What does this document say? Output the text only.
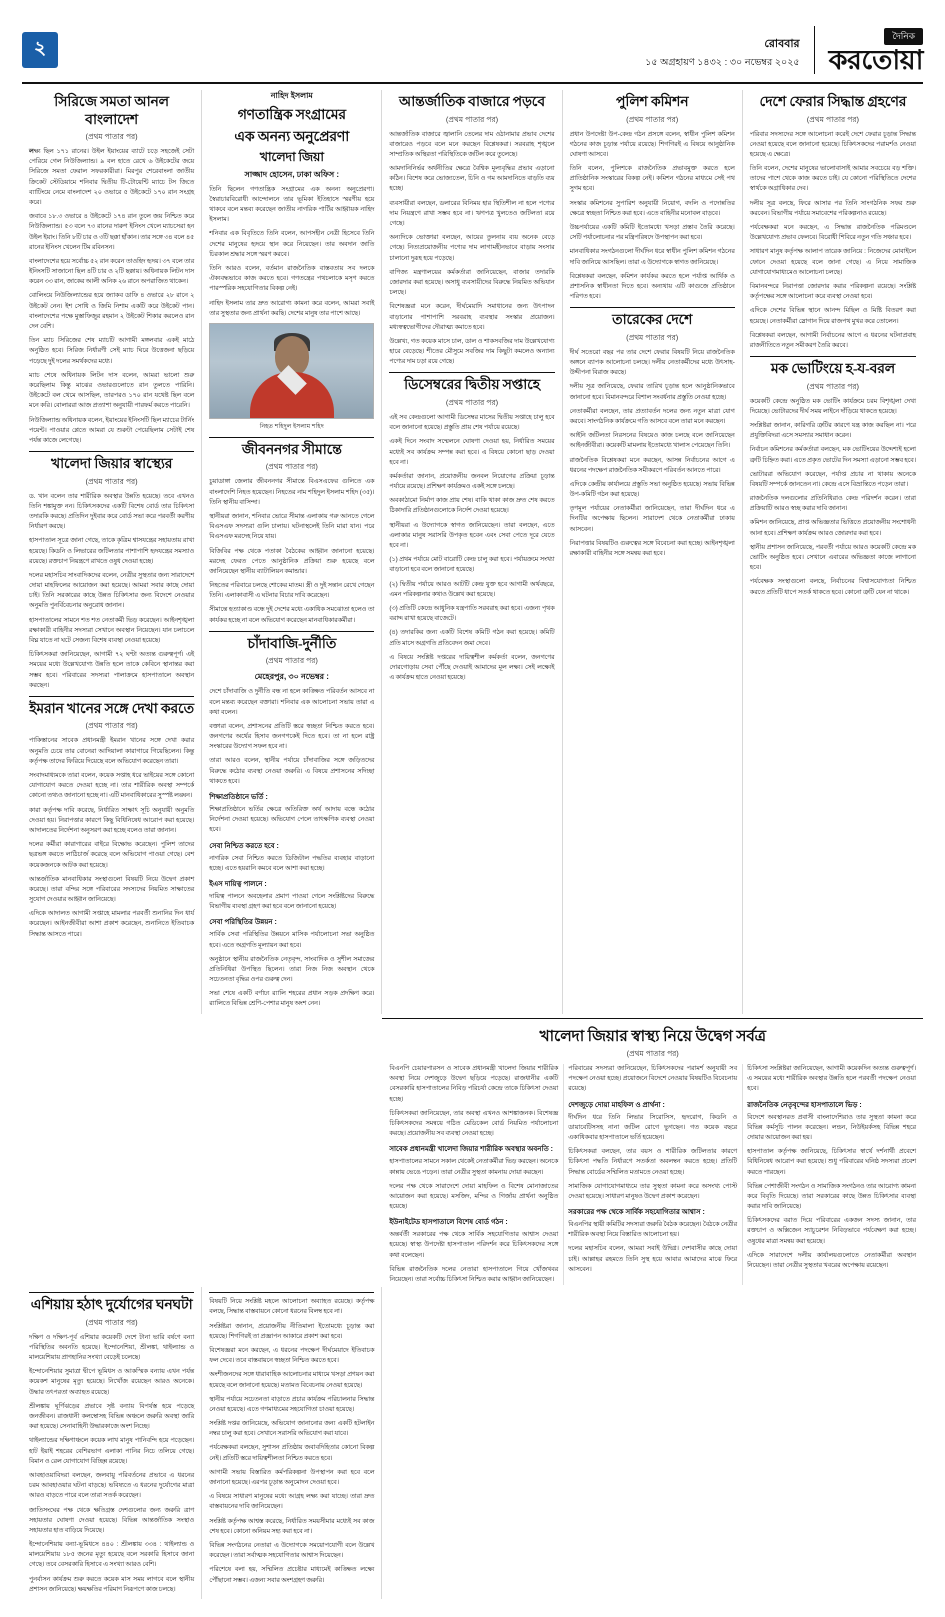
২	রোববার
১৫ অগ্রহায়ণ ১৪৩২ : ৩০ নভেম্বর ২০২৫
দৈনিক
করতোয়া
সিরিজে সমতা আনল বাংলাদেশ
(প্রথম পাতার পর)

লক্ষ্য ছিল ১৭১ রানের। উইল ইয়াংয়ের ব্যাটে চড়ে সহজেই সেটা পেরিয়ে গেল নিউজিল্যান্ড। ৯ বল হাতে রেখে ৬ উইকেটের জয়ে সিরিজে সমতা ফেরাল সফরকারীরা। মিরপুর শেরেবাংলা জাতীয় ক্রিকেট স্টেডিয়ামে শনিবার দ্বিতীয় টি-টোয়েন্টি ম্যাচে টস জিতে ব্যাটিংয়ে নেমে বাংলাদেশ ২০ ওভারে ৫ উইকেটে ১৭০ রান সংগ্রহ করে।

জবাবে ১৮.৩ ওভারে ৪ উইকেটে ১৭৪ রান তুলে জয় নিশ্চিত করে নিউজিল্যান্ড। ৫৩ বলে ৭৩ রানের দারুণ ইনিংস খেলে ম্যাচসেরা হন উইল ইয়াং। তিনি ৮টি চার ও ৩টি ছক্কা হাঁকান। তার সঙ্গে ৩৪ বলে ৪৫ রানের ইনিংস খেলেন টিম রবিনসন।

বাংলাদেশের হয়ে সর্বোচ্চ ৫২ রান করেন তাওহিদ হৃদয়। ৩৭ বলে তার ইনিংসটি সাজানো ছিল ৪টি চার ও ২টি ছক্কায়। অধিনায়ক লিটন দাস করেন ৩৩ রান, জাকের আলী অনিক ২৬ রানে অপরাজিত থাকেন।

বোলিংয়ে নিউজিল্যান্ডের হয়ে জ্যাকব ডাফি ৪ ওভারে ২৮ রানে ২ উইকেট নেন। ইশ সোধি ও জিমি নিশাম একটি করে উইকেট পান। বাংলাদেশের পক্ষে মুস্তাফিজুর রহমান ২ উইকেট শিকার করলেও রান দেন বেশি।

তিন ম্যাচ সিরিজের শেষ ম্যাচটি আগামী মঙ্গলবার একই মাঠে অনুষ্ঠিত হবে। সিরিজ নির্ধারণী সেই ম্যাচ ঘিরে উত্তেজনা ছড়িয়ে পড়েছে দুই দলের সমর্থকদের মধ্যে।

ম্যাচ শেষে অধিনায়ক লিটন দাস বলেন, আমরা ভালো শুরু করেছিলাম কিন্তু মাঝের ওভারগুলোতে রান তুলতে পারিনি। উইকেটে বল থেমে আসছিল, তারপরও ১৭০ রান যথেষ্ট ছিল বলে মনে করি। বোলাররা আজ প্রত্যাশা অনুযায়ী পারফর্ম করতে পারেনি।

নিউজিল্যান্ড অধিনায়ক বলেন, ইয়াংয়ের ইনিংসটি ছিল ম্যাচের টার্নিং পয়েন্ট। পাওয়ার প্লেতে আমরা যে শুরুটা পেয়েছিলাম সেটাই শেষ পর্যন্ত কাজে লেগেছে।

খালেদা জিয়ার স্বাস্থ্যের
(প্রথম পাতার পর)

ড. খান বলেন তার শারীরিক অবস্থার উন্নতি হয়েছে। তবে এখনও তিনি শঙ্কামুক্ত নন। চিকিৎসকদের একটি বিশেষ বোর্ড তার চিকিৎসা তদারকি করছে। প্রতিদিন দুইবার করে বোর্ড সভা করে পরবর্তী করণীয় নির্ধারণ করছে।

হাসপাতাল সূত্রে জানা গেছে, তাকে কৃত্রিম শ্বাসযন্ত্রের সহায়তায় রাখা হয়েছে। কিডনি ও লিভারের জটিলতার পাশাপাশি হৃদযন্ত্রের সমস্যাও রয়েছে। রক্তচাপ নিয়ন্ত্রণে রাখতে ওষুধ দেওয়া হচ্ছে।

দলের মহাসচিব সাংবাদিকদের বলেন, নেত্রীর সুস্থতার জন্য সারাদেশে দোয়া মাহফিলের আয়োজন করা হয়েছে। আমরা সবার কাছে দোয়া চাই। তিনি সরকারের কাছে উন্নত চিকিৎসার জন্য বিদেশে নেওয়ার অনুমতি পুনর্বিবেচনার অনুরোধ জানান।

হাসপাতালের সামনে শত শত নেতাকর্মী ভিড় করেছেন। আইনশৃঙ্খলা রক্ষাকারী বাহিনীর সদস্যরা সেখানে অবস্থান নিয়েছেন। যান চলাচলে বিঘ্ন যাতে না ঘটে সেজন্য বিশেষ ব্যবস্থা নেওয়া হয়েছে।

চিকিৎসকরা জানিয়েছেন, আগামী ৭২ ঘণ্টা অত্যন্ত গুরুত্বপূর্ণ। এই সময়ের মধ্যে উল্লেখযোগ্য উন্নতি হলে তাকে কেবিনে স্থানান্তর করা সম্ভব হবে। পরিবারের সদস্যরা পালাক্রমে হাসপাতালে অবস্থান করছেন।

ইমরান খানের সঙ্গে দেখা করতে
(প্রথম পাতার পর)

পাকিস্তানের সাবেক প্রধানমন্ত্রী ইমরান খানের সঙ্গে দেখা করার অনুমতি চেয়ে তার বোনেরা আদিয়ালা কারাগারে গিয়েছিলেন। কিন্তু কর্তৃপক্ষ তাদের ফিরিয়ে দিয়েছে বলে অভিযোগ করেছেন তারা।

সংবাদমাধ্যমকে তারা বলেন, কয়েক সপ্তাহ ধরে ভাইয়ের সঙ্গে কোনো যোগাযোগ করতে দেওয়া হচ্ছে না। তার শারীরিক অবস্থা সম্পর্কে কোনো তথ্যও জানানো হচ্ছে না। এটি মানবাধিকারের সুস্পষ্ট লঙ্ঘন।

কারা কর্তৃপক্ষ দাবি করেছে, নির্ধারিত সাক্ষাৎ সূচি অনুযায়ী অনুমতি দেওয়া হয়। নিরাপত্তার কারণে কিছু বিধিনিষেধ আরোপ করা হয়েছে। আদালতের নির্দেশনা অনুসরণ করা হচ্ছে বলেও তারা জানান।

দলের কর্মীরা কারাগারের বাইরে বিক্ষোভ করেছেন। পুলিশ তাদের ছত্রভঙ্গ করতে লাঠিচার্জ করেছে বলে অভিযোগ পাওয়া গেছে। বেশ কয়েকজনকে আটক করা হয়েছে।

আন্তর্জাতিক মানবাধিকার সংস্থাগুলো বিষয়টি নিয়ে উদ্বেগ প্রকাশ করেছে। তারা বন্দির সঙ্গে পরিবারের সদস্যদের নিয়মিত সাক্ষাতের সুযোগ দেওয়ার আহ্বান জানিয়েছে।

এদিকে আদালত আগামী সপ্তাহে মামলার পরবর্তী শুনানির দিন ধার্য করেছেন। আইনজীবীরা আশা প্রকাশ করেছেন, শুনানিতে ইতিবাচক সিদ্ধান্ত আসতে পারে।

নাহিদ ইসলাম
গণতান্ত্রিক সংগ্রামের
এক অনন্য অনুপ্রেরণা
খালেদা জিয়া
সাজ্জাদ হোসেন, ঢাকা অফিস :

তিনি ছিলেন গণতান্ত্রিক সংগ্রামের এক অনন্য অনুপ্রেরণা। স্বৈরাচারবিরোধী আন্দোলনে তার ভূমিকা ইতিহাসে স্মরণীয় হয়ে থাকবে বলে মন্তব্য করেছেন জাতীয় নাগরিক পার্টির আহ্বায়ক নাহিদ ইসলাম।

শনিবার এক বিবৃতিতে তিনি বলেন, আপসহীন নেত্রী হিসেবে তিনি দেশের মানুষের হৃদয়ে স্থান করে নিয়েছেন। তার অবদান জাতি চিরকাল শ্রদ্ধার সঙ্গে স্মরণ করবে।

তিনি আরও বলেন, বর্তমান রাজনৈতিক বাস্তবতায় সব দলকে ঐক্যবদ্ধভাবে কাজ করতে হবে। গণতন্ত্রের পথচলাকে মসৃণ করতে পারস্পরিক সহযোগিতার বিকল্প নেই।

নাহিদ ইসলাম তার দ্রুত আরোগ্য কামনা করে বলেন, আমরা সবাই তার সুস্থতার জন্য প্রার্থনা করছি। দেশের মানুষ তার পাশে আছে।

নিহত শহিদুল ইসলাম শহিদ
জীবননগর সীমান্তে
(প্রথম পাতার পর)

চুয়াডাঙ্গা জেলার জীবননগর সীমান্তে বিএসএফের গুলিতে এক বাংলাদেশি নিহত হয়েছেন। নিহতের নাম শহিদুল ইসলাম শহিদ (৩৫)। তিনি স্থানীয় বাসিন্দা।

স্থানীয়রা জানান, শনিবার ভোরে সীমান্ত এলাকায় গরু আনতে গেলে বিএসএফ সদস্যরা গুলি চালায়। ঘটনাস্থলেই তিনি মারা যান। পরে বিএসএফ মরদেহ নিয়ে যায়।

বিজিবির পক্ষ থেকে পতাকা বৈঠকের আহ্বান জানানো হয়েছে। মরদেহ ফেরত পেতে আনুষ্ঠানিক প্রক্রিয়া শুরু হয়েছে বলে জানিয়েছেন স্থানীয় ব্যাটালিয়ন কমান্ডার।

নিহতের পরিবারে চলছে শোকের মাতম। স্ত্রী ও দুই সন্তান রেখে গেছেন তিনি। এলাকাবাসী এ ঘটনার বিচার দাবি করেছেন।

সীমান্তে হত্যাকাণ্ড বন্ধে দুই দেশের মধ্যে একাধিক সমঝোতা হলেও তা কার্যকর হচ্ছে না বলে অভিযোগ করেছেন মানবাধিকারকর্মীরা।

চাঁদাবাজি-দুর্নীতি
(প্রথম পাতার পর)
মেহেরপুর, ৩০ নভেম্বর :

দেশে চাঁদাবাজি ও দুর্নীতি বন্ধ না হলে কাঙ্ক্ষিত পরিবর্তন আসবে না বলে মন্তব্য করেছেন বক্তারা। শনিবার এক আলোচনা সভায় তারা এ কথা বলেন।

বক্তারা বলেন, প্রশাসনের প্রতিটি স্তরে স্বচ্ছতা নিশ্চিত করতে হবে। জনগণের অর্থের হিসাব জনগণকেই দিতে হবে। তা না হলে রাষ্ট্র সংস্কারের উদ্যোগ সফল হবে না।

তারা আরও বলেন, স্থানীয় পর্যায়ে চাঁদাবাজির সঙ্গে জড়িতদের বিরুদ্ধে কঠোর ব্যবস্থা নেওয়া জরুরি। এ বিষয়ে প্রশাসনের সদিচ্ছা থাকতে হবে।

শিক্ষাপ্রতিষ্ঠানে ভর্তি :

শিক্ষাপ্রতিষ্ঠানে ভর্তির ক্ষেত্রে অতিরিক্ত অর্থ আদায় বন্ধে কঠোর নির্দেশনা দেওয়া হয়েছে। অভিযোগ পেলে তাৎক্ষণিক ব্যবস্থা নেওয়া হবে।

সেবা নিশ্চিত করতে হবে :

নাগরিক সেবা নিশ্চিত করতে ডিজিটাল পদ্ধতির ব্যবহার বাড়ানো হচ্ছে। এতে হয়রানি কমবে বলে আশা করা হচ্ছে।

ইএস দায়িত্ব পালনে :

দায়িত্ব পালনে অবহেলার প্রমাণ পাওয়া গেলে সংশ্লিষ্টদের বিরুদ্ধে বিভাগীয় ব্যবস্থা গ্রহণ করা হবে বলে জানানো হয়েছে।

সেবা পরিস্থিতির উন্নয়ন :

সার্বিক সেবা পরিস্থিতির উন্নয়নে মাসিক পর্যালোচনা সভা অনুষ্ঠিত হবে। এতে অগ্রগতি মূল্যায়ন করা হবে।

অনুষ্ঠানে স্থানীয় রাজনৈতিক নেতৃবৃন্দ, সাংবাদিক ও সুশীল সমাজের প্রতিনিধিরা উপস্থিত ছিলেন। তারা নিজ নিজ অবস্থান থেকে সচেতনতা বৃদ্ধির ওপর গুরুত্ব দেন।

সভা শেষে একটি বর্ণাঢ্য র‍্যালি শহরের প্রধান সড়ক প্রদক্ষিণ করে। র‍্যালিতে বিভিন্ন শ্রেণি-পেশার মানুষ অংশ নেন।

আন্তর্জাতিক বাজারে পড়বে
(প্রথম পাতার পর)

আন্তর্জাতিক বাজারে জ্বালানি তেলের দাম ওঠানামার প্রভাব দেশের বাজারেও পড়বে বলে মনে করছেন বিশ্লেষকরা। সরবরাহ শৃঙ্খলে সাম্প্রতিক অস্থিরতা পরিস্থিতিকে জটিল করে তুলেছে।

আমদানিনির্ভর অর্থনীতির ক্ষেত্রে বৈশ্বিক মূল্যবৃদ্ধির প্রভাব এড়ানো কঠিন। বিশেষ করে ভোজ্যতেল, চিনি ও গম আমদানিতে বাড়তি ব্যয় হচ্ছে।

ব্যবসায়ীরা বলছেন, ডলারের বিনিময় হার স্থিতিশীল না হলে পণ্যের দাম নিয়ন্ত্রণে রাখা সম্ভব হবে না। ঋণপত্র খুলতেও জটিলতা রয়ে গেছে।

অন্যদিকে ভোক্তারা বলছেন, আয়ের তুলনায় ব্যয় অনেক বেড়ে গেছে। নিত্যপ্রয়োজনীয় পণ্যের দাম লাগামহীনভাবে বাড়ায় সংসার চালানো দুরূহ হয়ে পড়েছে।

বাণিজ্য মন্ত্রণালয়ের কর্মকর্তারা জানিয়েছেন, বাজার তদারকি জোরদার করা হয়েছে। অসাধু ব্যবসায়ীদের বিরুদ্ধে নিয়মিত অভিযান চলছে।

বিশেষজ্ঞরা মনে করেন, দীর্ঘমেয়াদি সমাধানের জন্য উৎপাদন বাড়ানোর পাশাপাশি সরবরাহ ব্যবস্থার সংস্কার প্রয়োজন। মধ্যস্বত্বভোগীদের দৌরাত্ম্য কমাতে হবে।

উল্লেখ্য, গত কয়েক মাসে চাল, ডাল ও শাকসবজির দাম উল্লেখযোগ্য হারে বেড়েছে। শীতের মৌসুমে সবজির দাম কিছুটা কমলেও অন্যান্য পণ্যের দাম চড়া রয়ে গেছে।

ডিসেম্বরের দ্বিতীয় সপ্তাহে
(প্রথম পাতার পর)

এই সব কেন্দ্রগুলো আগামী ডিসেম্বর মাসের দ্বিতীয় সপ্তাহে চালু হবে বলে জানানো হয়েছে। প্রস্তুতি প্রায় শেষ পর্যায়ে রয়েছে।

একই দিনে সংবাদ সম্মেলনে ঘোষণা দেওয়া হয়, নির্ধারিত সময়ের মধ্যেই সব কার্যক্রম সম্পন্ন করা হবে। এ বিষয়ে কোনো ছাড় দেওয়া হবে না।

কর্মকর্তারা জানান, প্রয়োজনীয় জনবল নিয়োগের প্রক্রিয়া চূড়ান্ত পর্যায়ে রয়েছে। প্রশিক্ষণ কার্যক্রমও একই সঙ্গে চলছে।

অবকাঠামো নির্মাণ কাজ প্রায় শেষ। বাকি থাকা কাজ দ্রুত শেষ করতে ঠিকাদারি প্রতিষ্ঠানগুলোকে নির্দেশ দেওয়া হয়েছে।

স্থানীয়রা এ উদ্যোগকে স্বাগত জানিয়েছেন। তারা বলছেন, এতে এলাকার মানুষ সরাসরি উপকৃত হবেন এবং সেবা পেতে দূরে যেতে হবে না।

(১) প্রথম পর্যায়ে মোট বারোটি কেন্দ্র চালু করা হবে। পর্যায়ক্রমে সংখ্যা বাড়ানো হবে বলে জানানো হয়েছে।

(২) দ্বিতীয় পর্যায়ে আরও আটটি কেন্দ্র যুক্ত হবে আগামী অর্থবছরে, এমন পরিকল্পনার কথাও উল্লেখ করা হয়েছে।

(৩) প্রতিটি কেন্দ্রে আধুনিক যন্ত্রপাতি সরবরাহ করা হবে। এজন্য পৃথক বরাদ্দ রাখা হয়েছে বাজেটে।

(৪) তদারকির জন্য একটি বিশেষ কমিটি গঠন করা হয়েছে। কমিটি প্রতি মাসে অগ্রগতি প্রতিবেদন জমা দেবে।

এ বিষয়ে সংশ্লিষ্ট দপ্তরের দায়িত্বশীল কর্মকর্তা বলেন, জনগণের দোরগোড়ায় সেবা পৌঁছে দেওয়াই আমাদের মূল লক্ষ্য। সেই লক্ষ্যেই এ কার্যক্রম হাতে নেওয়া হয়েছে।

পুলিশ কমিশন
(প্রথম পাতার পর)

প্রধান উপদেষ্টা উপ-কেন্দ্র গঠন প্রসঙ্গে বলেন, স্বাধীন পুলিশ কমিশন গঠনের কাজ চূড়ান্ত পর্যায়ে রয়েছে। শিগগিরই এ বিষয়ে আনুষ্ঠানিক ঘোষণা আসবে।

তিনি বলেন, পুলিশকে রাজনৈতিক প্রভাবমুক্ত করতে হলে প্রাতিষ্ঠানিক সংস্কারের বিকল্প নেই। কমিশন গঠনের মাধ্যমে সেই পথ সুগম হবে।

সংস্কার কমিশনের সুপারিশ অনুযায়ী নিয়োগ, বদলি ও পদোন্নতির ক্ষেত্রে স্বচ্ছতা নিশ্চিত করা হবে। এতে বাহিনীর মনোবল বাড়বে।

উচ্চপর্যায়ের একটি কমিটি ইতোমধ্যে খসড়া প্রস্তাব তৈরি করেছে। সেটি পর্যালোচনার পর মন্ত্রিপরিষদে উপস্থাপন করা হবে।

মানবাধিকার সংগঠনগুলো দীর্ঘদিন ধরে স্বাধীন পুলিশ কমিশন গঠনের দাবি জানিয়ে আসছিল। তারা এ উদ্যোগকে স্বাগত জানিয়েছে।

বিশ্লেষকরা বলছেন, কমিশন কার্যকর করতে হলে পর্যাপ্ত আর্থিক ও প্রশাসনিক স্বাধীনতা দিতে হবে। অন্যথায় এটি কাগুজে প্রতিষ্ঠানে পরিণত হবে।

তারেকের দেশে
(প্রথম পাতার পর)

দীর্ঘ সতেরো বছর পর তার দেশে ফেরার বিষয়টি নিয়ে রাজনৈতিক অঙ্গনে ব্যাপক আলোচনা চলছে। দলীয় নেতাকর্মীদের মধ্যে উৎসাহ-উদ্দীপনা বিরাজ করছে।

দলীয় সূত্র জানিয়েছে, ফেরার তারিখ চূড়ান্ত হলে আনুষ্ঠানিকভাবে জানানো হবে। বিমানবন্দরে বিশাল সংবর্ধনার প্রস্তুতি নেওয়া হচ্ছে।

নেতাকর্মীরা বলছেন, তার প্রত্যাবর্তন দলের জন্য নতুন মাত্রা যোগ করবে। সাংগঠনিক কার্যক্রমে গতি আসবে বলে তারা মনে করছেন।

আইনি জটিলতা নিরসনের বিষয়েও কাজ চলছে বলে জানিয়েছেন আইনজীবীরা। কয়েকটি মামলায় ইতোমধ্যে খালাস পেয়েছেন তিনি।

রাজনৈতিক বিশ্লেষকরা মনে করছেন, আসন্ন নির্বাচনের আগে এ ধরনের পদক্ষেপ রাজনৈতিক সমীকরণে পরিবর্তন আনতে পারে।

এদিকে কেন্দ্রীয় কার্যালয়ে প্রস্তুতি সভা অনুষ্ঠিত হয়েছে। সভায় বিভিন্ন উপ-কমিটি গঠন করা হয়েছে।

তৃণমূল পর্যায়ের নেতাকর্মীরা জানিয়েছেন, তারা দীর্ঘদিন ধরে এ দিনটির অপেক্ষায় ছিলেন। সারাদেশ থেকে নেতাকর্মীরা ঢাকায় আসবেন।

নিরাপত্তার বিষয়টিও গুরুত্বের সঙ্গে বিবেচনা করা হচ্ছে। আইনশৃঙ্খলা রক্ষাকারী বাহিনীর সঙ্গে সমন্বয় করা হবে।

দেশে ফেরার সিদ্ধান্ত গ্রহণের
(প্রথম পাতার পর)

পরিবার সদস্যদের সঙ্গে আলোচনা করেই দেশে ফেরার চূড়ান্ত সিদ্ধান্ত নেওয়া হয়েছে বলে জানানো হয়েছে। চিকিৎসকদের পরামর্শও নেওয়া হয়েছে এ ক্ষেত্রে।

তিনি বলেন, দেশের মানুষের ভালোবাসাই আমার সবচেয়ে বড় শক্তি। তাদের পাশে থেকে কাজ করতে চাই। যে কোনো পরিস্থিতিতে দেশের স্বার্থকে অগ্রাধিকার দেব।

দলীয় সূত্র বলছে, ফিরে আসার পর তিনি সাংগঠনিক সফর শুরু করবেন। বিভাগীয় পর্যায়ে সমাবেশের পরিকল্পনাও রয়েছে।

পর্যবেক্ষকরা মনে করছেন, এ সিদ্ধান্ত রাজনৈতিক পরিমণ্ডলে উল্লেখযোগ্য প্রভাব ফেলবে। বিরোধী শিবিরে নতুন গতি সঞ্চার হবে।

সাধারণ মানুষ কর্তৃপক্ষ আলাপ তারেক জানিয়ে : নিজেদের মোবাইলে ফোনে দেওয়া হয়েছে বলে জানা গেছে। এ নিয়ে সামাজিক যোগাযোগমাধ্যমেও আলোচনা চলছে।

বিমানবন্দরে নিরাপত্তা জোরদার করার পরিকল্পনা রয়েছে। সংশ্লিষ্ট কর্তৃপক্ষের সঙ্গে আলোচনা করে ব্যবস্থা নেওয়া হবে।

এদিকে দেশের বিভিন্ন স্থানে আনন্দ মিছিল ও মিষ্টি বিতরণ করা হয়েছে। নেতাকর্মীরা স্লোগান দিয়ে রাজপথ মুখর করে তোলেন।

বিশ্লেষকরা বলছেন, আগামী নির্বাচনের আগে এ ধরনের ঘটনাপ্রবাহ রাজনীতিতে নতুন সমীকরণ তৈরি করবে।

মক ভোটিংয়ে হ-য-বরল
(প্রথম পাতার পর)

কয়েকটি কেন্দ্রে অনুষ্ঠিত মক ভোটিং কার্যক্রমে চরম বিশৃঙ্খলা দেখা দিয়েছে। ভোটারদের দীর্ঘ সময় লাইনে দাঁড়িয়ে থাকতে হয়েছে।

সংশ্লিষ্টরা জানান, কারিগরি ত্রুটির কারণে যন্ত্র কাজ করছিল না। পরে প্রযুক্তিবিদরা এসে সমস্যার সমাধান করেন।

নির্বাচন কমিশনের কর্মকর্তারা বলছেন, মক ভোটিংয়ের উদ্দেশ্যই হলো ত্রুটি চিহ্নিত করা। এতে প্রকৃত ভোটের দিন সমস্যা এড়ানো সম্ভব হবে।

ভোটাররা অভিযোগ করেছেন, পর্যাপ্ত প্রচার না থাকায় অনেকে বিষয়টি সম্পর্কে জানতেন না। কেন্দ্রে এসে বিভ্রান্তিতে পড়েন তারা।

রাজনৈতিক দলগুলোর প্রতিনিধিরাও কেন্দ্র পরিদর্শন করেন। তারা প্রক্রিয়াটি আরও স্বচ্ছ করার দাবি জানান।

কমিশন জানিয়েছে, প্রাপ্ত অভিজ্ঞতার ভিত্তিতে প্রয়োজনীয় সংশোধনী আনা হবে। প্রশিক্ষণ কার্যক্রম আরও জোরদার করা হবে।

স্থানীয় প্রশাসন জানিয়েছে, পরবর্তী পর্যায়ে আরও কয়েকটি কেন্দ্রে মক ভোটিং অনুষ্ঠিত হবে। সেখানে এবারের অভিজ্ঞতা কাজে লাগানো হবে।

পর্যবেক্ষক সংস্থাগুলো বলছে, নির্বাচনের বিশ্বাসযোগ্যতা নিশ্চিত করতে প্রতিটি ধাপে সতর্ক থাকতে হবে। কোনো ত্রুটি যেন না থাকে।

খালেদা জিয়ার স্বাস্থ্য নিয়ে উদ্বেগ সর্বত্র
(প্রথম পাতার পর)

বিএনপি চেয়ারপারসন ও সাবেক প্রধানমন্ত্রী খালেদা জিয়ার শারীরিক অবস্থা নিয়ে দেশজুড়ে উদ্বেগ ছড়িয়ে পড়েছে। রাজধানীর একটি বেসরকারি হাসপাতালের নিবিড় পরিচর্যা কেন্দ্রে তাকে চিকিৎসা দেওয়া হচ্ছে।

চিকিৎসকরা জানিয়েছেন, তার অবস্থা এখনও আশঙ্কাজনক। বিশেষজ্ঞ চিকিৎসকদের সমন্বয়ে গঠিত মেডিকেল বোর্ড নিয়মিত পর্যালোচনা করছে। প্রয়োজনীয় সব ব্যবস্থা নেওয়া হচ্ছে।

সাবেক প্রধানমন্ত্রী খালেদা জিয়ার শারীরিক অবস্থার অবনতি :

হাসপাতালের সামনে সকাল থেকেই নেতাকর্মীরা ভিড় করছেন। অনেকে কান্নায় ভেঙে পড়েন। তারা নেত্রীর সুস্থতা কামনায় দোয়া করছেন।

দলের পক্ষ থেকে সারাদেশে দোয়া মাহফিল ও বিশেষ মোনাজাতের আয়োজন করা হয়েছে। মসজিদ, মন্দির ও গির্জায় প্রার্থনা অনুষ্ঠিত হয়েছে।

ইউনাইটেড হাসপাতালে বিশেষ বোর্ড গঠন :

অন্তর্বর্তী সরকারের পক্ষ থেকে সার্বিক সহযোগিতার আশ্বাস দেওয়া হয়েছে। স্বাস্থ্য উপদেষ্টা হাসপাতাল পরিদর্শন করে চিকিৎসকদের সঙ্গে কথা বলেছেন।

বিভিন্ন রাজনৈতিক দলের নেতারা হাসপাতালে গিয়ে খোঁজখবর নিয়েছেন। তারা সর্বোচ্চ চিকিৎসা নিশ্চিত করার আহ্বান জানিয়েছেন।

পরিবারের সদস্যরা জানিয়েছেন, চিকিৎসকদের পরামর্শ অনুযায়ী সব পদক্ষেপ নেওয়া হচ্ছে। প্রয়োজনে বিদেশে নেওয়ার বিষয়টিও বিবেচনায় রয়েছে।

দেশজুড়ে দোয়া মাহফিল ও প্রার্থনা :

দীর্ঘদিন ধরে তিনি লিভার সিরোসিস, হৃদরোগ, কিডনি ও ডায়াবেটিসসহ নানা জটিল রোগে ভুগছেন। গত কয়েক বছরে একাধিকবার হাসপাতালে ভর্তি হয়েছেন।

চিকিৎসকরা বলছেন, তার বয়স ও শারীরিক জটিলতার কারণে চিকিৎসা পদ্ধতি নির্ধারণে সতর্কতা অবলম্বন করতে হচ্ছে। প্রতিটি সিদ্ধান্ত বোর্ডের সম্মিলিত মতামতে নেওয়া হচ্ছে।

সামাজিক যোগাযোগমাধ্যমে তার সুস্থতা কামনা করে অসংখ্য পোস্ট দেওয়া হয়েছে। সাধারণ মানুষও উদ্বেগ প্রকাশ করেছেন।

সরকারের পক্ষ থেকে সার্বিক সহযোগিতার আশ্বাস :

বিএনপির স্থায়ী কমিটির সদস্যরা জরুরি বৈঠক করেছেন। বৈঠকে নেত্রীর শারীরিক অবস্থা নিয়ে বিস্তারিত আলোচনা হয়।

দলের মহাসচিব বলেন, আমরা সবাই উদ্বিগ্ন। দেশবাসীর কাছে দোয়া চাই। আল্লাহর রহমতে তিনি সুস্থ হয়ে আবার আমাদের মাঝে ফিরে আসবেন।

চিকিৎসা সংশ্লিষ্টরা জানিয়েছেন, আগামী কয়েকদিন অত্যন্ত গুরুত্বপূর্ণ। এ সময়ের মধ্যে শারীরিক অবস্থার উন্নতি হলে পরবর্তী পদক্ষেপ নেওয়া হবে।

রাজনৈতিক নেতৃবৃন্দের হাসপাতালে ভিড় :

বিদেশে অবস্থানরত প্রবাসী বাংলাদেশিরাও তার সুস্থতা কামনা করে বিভিন্ন কর্মসূচি পালন করেছেন। লন্ডন, নিউইয়র্কসহ বিভিন্ন শহরে দোয়ার আয়োজন করা হয়।

হাসপাতাল কর্তৃপক্ষ জানিয়েছে, চিকিৎসার স্বার্থে দর্শনার্থী প্রবেশে বিধিনিষেধ আরোপ করা হয়েছে। শুধু পরিবারের ঘনিষ্ঠ সদস্যরা প্রবেশ করতে পারছেন।

বিভিন্ন পেশাজীবী সংগঠন ও সামাজিক সংগঠনও তার আরোগ্য কামনা করে বিবৃতি দিয়েছে। তারা সরকারের কাছে উন্নত চিকিৎসার ব্যবস্থা করার দাবি জানিয়েছে।

চিকিৎসকদের বরাত দিয়ে পরিবারের একজন সদস্য জানান, তার রক্তচাপ ও অক্সিজেন স্যাচুরেশন নিবিড়ভাবে পর্যবেক্ষণ করা হচ্ছে। ওষুধের মাত্রা সমন্বয় করা হয়েছে।

এদিকে সারাদেশে দলীয় কার্যালয়গুলোতে নেতাকর্মীরা অবস্থান নিয়েছেন। তারা নেত্রীর সুস্থতার খবরের অপেক্ষায় রয়েছেন।

এশিয়ায় হঠাৎ দুর্যোগের ঘনঘটা
(প্রথম পাতার পর)

দক্ষিণ ও দক্ষিণ-পূর্ব এশিয়ার কয়েকটি দেশে টানা ভারি বর্ষণে বন্যা পরিস্থিতির অবনতি হয়েছে। ইন্দোনেশিয়া, শ্রীলঙ্কা, থাইল্যান্ড ও মালয়েশিয়ায় প্রাণহানির সংখ্যা বেড়েই চলেছে।

ইন্দোনেশিয়ার সুমাত্রা দ্বীপে ভূমিধস ও আকস্মিক বন্যায় এখন পর্যন্ত কয়েকশ মানুষের মৃত্যু হয়েছে। নিখোঁজ রয়েছেন আরও অনেকে। উদ্ধার তৎপরতা অব্যাহত রয়েছে।

শ্রীলঙ্কায় ঘূর্ণিঝড়ের প্রভাবে সৃষ্ট বন্যায় বিপর্যস্ত হয়ে পড়েছে জনজীবন। রাজধানী কলম্বোসহ বিভিন্ন অঞ্চলে জরুরি অবস্থা জারি করা হয়েছে। সেনাবাহিনী উদ্ধারকাজে অংশ নিচ্ছে।

থাইল্যান্ডের দক্ষিণাঞ্চলে কয়েক লাখ মানুষ পানিবন্দি হয়ে পড়েছেন। হাট ইয়াই শহরের বেশিরভাগ এলাকা পানির নিচে তলিয়ে গেছে। বিমান ও রেল যোগাযোগ বিচ্ছিন্ন রয়েছে।

আবহাওয়াবিদরা বলছেন, জলবায়ু পরিবর্তনের প্রভাবে এ ধরনের চরম আবহাওয়ার ঘটনা বাড়ছে। ভবিষ্যতে এ ধরনের দুর্যোগের মাত্রা আরও বাড়তে পারে বলে তারা সতর্ক করেছেন।

জাতিসংঘের পক্ষ থেকে ক্ষতিগ্রস্ত দেশগুলোর জন্য জরুরি ত্রাণ সহায়তার ঘোষণা দেওয়া হয়েছে। বিভিন্ন আন্তর্জাতিক সংস্থাও সহায়তার হাত বাড়িয়ে দিয়েছে।

ইন্দোনেশিয়ায় বন্যা-ভূমিধসে ৪৪০ : শ্রীলঙ্কায় ৩৩৪ : থাইল্যান্ড ও মালয়েশিয়ায় ১৮৫ জনের মৃত্যু হয়েছে বলে সরকারি হিসাবে জানা গেছে। তবে বেসরকারি হিসাবে এ সংখ্যা আরও বেশি।

পুনর্বাসন কার্যক্রম শুরু করতে কয়েক মাস সময় লাগবে বলে স্থানীয় প্রশাসন জানিয়েছে। ক্ষয়ক্ষতির পরিমাণ নিরূপণে কাজ চলছে।

বিষয়টি নিয়ে সংশ্লিষ্ট মহলে আলোচনা অব্যাহত রয়েছে। কর্তৃপক্ষ বলছে, সিদ্ধান্ত বাস্তবায়নে কোনো ধরনের বিলম্ব হবে না।

সংশ্লিষ্টরা জানান, প্রয়োজনীয় নীতিমালা ইতোমধ্যে চূড়ান্ত করা হয়েছে। শিগগিরই তা প্রজ্ঞাপন আকারে প্রকাশ করা হবে।

বিশেষজ্ঞরা মনে করছেন, এ ধরনের পদক্ষেপ দীর্ঘমেয়াদে ইতিবাচক ফল দেবে। তবে বাস্তবায়নে স্বচ্ছতা নিশ্চিত করতে হবে।

অংশীজনদের সঙ্গে ধারাবাহিক আলোচনার মাধ্যমে খসড়া প্রণয়ন করা হয়েছে বলে জানানো হয়েছে। মতামত বিবেচনায় নেওয়া হয়েছে।

স্থানীয় পর্যায়ে সচেতনতা বাড়াতে প্রচার কার্যক্রম পরিচালনার সিদ্ধান্ত নেওয়া হয়েছে। এতে গণমাধ্যমের সহযোগিতা চাওয়া হয়েছে।

সংশ্লিষ্ট দপ্তর জানিয়েছে, অভিযোগ জানানোর জন্য একটি হটলাইন নম্বর চালু করা হবে। সেখানে সরাসরি অভিযোগ করা যাবে।

পর্যবেক্ষকরা বলছেন, সুশাসন প্রতিষ্ঠায় জবাবদিহিতার কোনো বিকল্প নেই। প্রতিটি স্তরে দায়িত্বশীলতা নিশ্চিত করতে হবে।

আগামী সভায় বিস্তারিত কর্মপরিকল্পনা উপস্থাপন করা হবে বলে জানানো হয়েছে। এরপর চূড়ান্ত অনুমোদন দেওয়া হবে।

এ বিষয়ে সাধারণ মানুষের মধ্যে আগ্রহ লক্ষ্য করা যাচ্ছে। তারা দ্রুত বাস্তবায়নের দাবি জানিয়েছেন।

সংশ্লিষ্ট কর্তৃপক্ষ আশ্বস্ত করেছে, নির্ধারিত সময়সীমার মধ্যেই সব কাজ শেষ হবে। কোনো অনিয়ম সহ্য করা হবে না।

বিভিন্ন সংগঠনের নেতারা এ উদ্যোগকে সময়োপযোগী বলে উল্লেখ করেছেন। তারা সর্বাত্মক সহযোগিতার আশ্বাস দিয়েছেন।

পরিশেষে বলা হয়, সম্মিলিত প্রচেষ্টার মাধ্যমেই কাঙ্ক্ষিত লক্ষ্যে পৌঁছানো সম্ভব। এজন্য সবার অংশগ্রহণ জরুরি।
